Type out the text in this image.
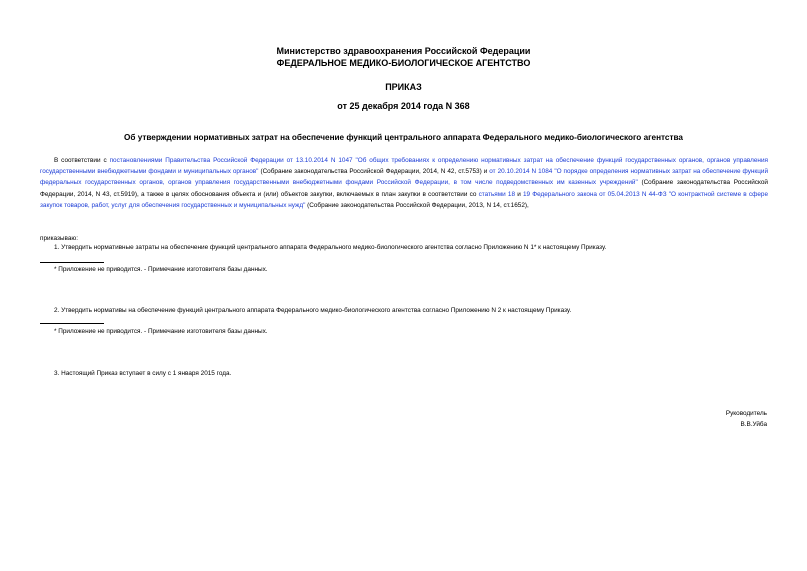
Министерство здравоохранения Российской Федерации
ФЕДЕРАЛЬНОЕ МЕДИКО-БИОЛОГИЧЕСКОЕ АГЕНТСТВО
ПРИКАЗ
от 25 декабря 2014 года N 368
Об утверждении нормативных затрат на обеспечение функций центрального аппарата Федерального медико-биологического агентства
В соответствии с постановлениями Правительства Российской Федерации от 13.10.2014 N 1047 "Об общих требованиях к определению нормативных затрат на обеспечение функций государственных органов, органов управления государственными внебюджетными фондами и муниципальных органов" (Собрание законодательства Российской Федерации, 2014, N 42, ст.5753) и от 20.10.2014 N 1084 "О порядке определения нормативных затрат на обеспечение функций федеральных государственных органов, органов управления государственными внебюджетными фондами Российской Федерации, в том числе подведомственных им казенных учреждений" (Собрание законодательства Российской Федерации, 2014, N 43, ст.5919), а также в целях обоснования объекта и (или) объектов закупки, включаемых в план закупки в соответствии со статьями 18 и 19 Федерального закона от 05.04.2013 N 44-ФЗ "О контрактной системе в сфере закупок товаров, работ, услуг для обеспечения государственных и муниципальных нужд" (Собрание законодательства Российской Федерации, 2013, N 14, ст.1652),
приказываю:
1. Утвердить нормативные затраты на обеспечение функций центрального аппарата Федерального медико-биологического агентства согласно Приложению N 1* к настоящему Приказу.
* Приложение не приводится. - Примечание изготовителя базы данных.
2. Утвердить нормативы на обеспечение функций центрального аппарата Федерального медико-биологического агентства согласно Приложению N 2 к настоящему Приказу.
* Приложение не приводится. - Примечание изготовителя базы данных.
3. Настоящий Приказ вступает в силу с 1 января 2015 года.
Руководитель
В.В.Уйба
